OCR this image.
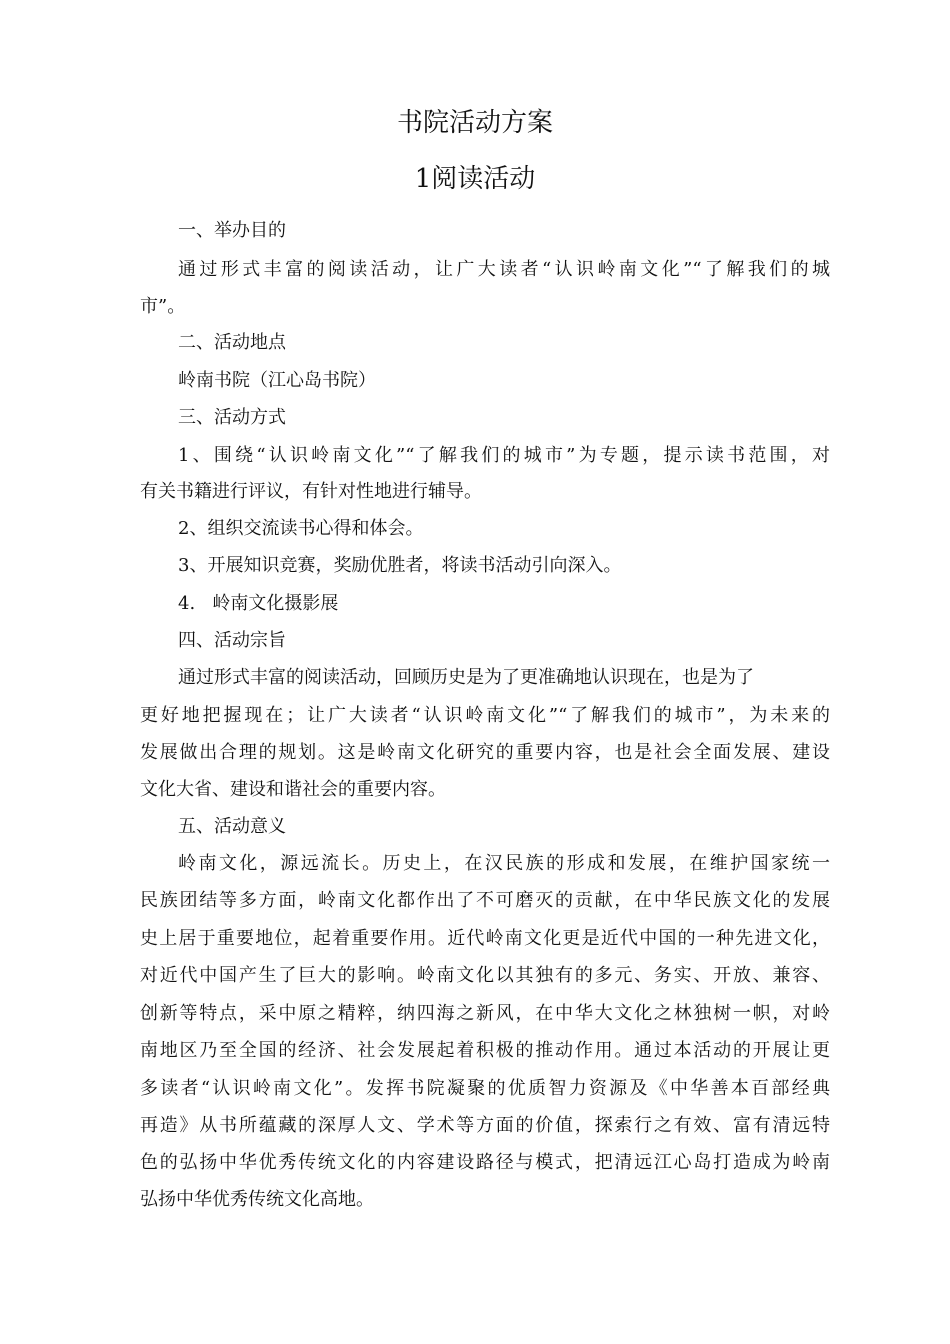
书院活动方案
1阅读活动
一、举办目的
通过形式丰富的阅读活动，让广大读者“认识岭南文化”“了解我们的城
市”。
二、活动地点
岭南书院（江心岛书院）
三、活动方式
1、围绕“认识岭南文化”“了解我们的城市”为专题，提示读书范围，对
有关书籍进行评议，有针对性地进行辅导。
2、组织交流读书心得和体会。
3、开展知识竞赛，奖励优胜者，将读书活动引向深入。
4.   岭南文化摄影展
四、活动宗旨
通过形式丰富的阅读活动，回顾历史是为了更准确地认识现在，也是为了
更好地把握现在；让广大读者“认识岭南文化”“了解我们的城市”，为未来的
发展做出合理的规划。这是岭南文化研究的重要内容，也是社会全面发展、建设
文化大省、建设和谐社会的重要内容。
五、活动意义
岭南文化，源远流长。历史上，在汉民族的形成和发展，在维护国家统一
民族团结等多方面，岭南文化都作出了不可磨灭的贡献，在中华民族文化的发展
史上居于重要地位，起着重要作用。近代岭南文化更是近代中国的一种先进文化，
对近代中国产生了巨大的影响。岭南文化以其独有的多元、务实、开放、兼容、
创新等特点，采中原之精粹，纳四海之新风，在中华大文化之林独树一帜，对岭
南地区乃至全国的经济、社会发展起着积极的推动作用。通过本活动的开展让更
多读者“认识岭南文化”。发挥书院凝聚的优质智力资源及《中华善本百部经典
再造》从书所蕴藏的深厚人文、学术等方面的价值，探索行之有效、富有清远特
色的弘扬中华优秀传统文化的内容建设路径与模式，把清远江心岛打造成为岭南
弘扬中华优秀传统文化高地。
